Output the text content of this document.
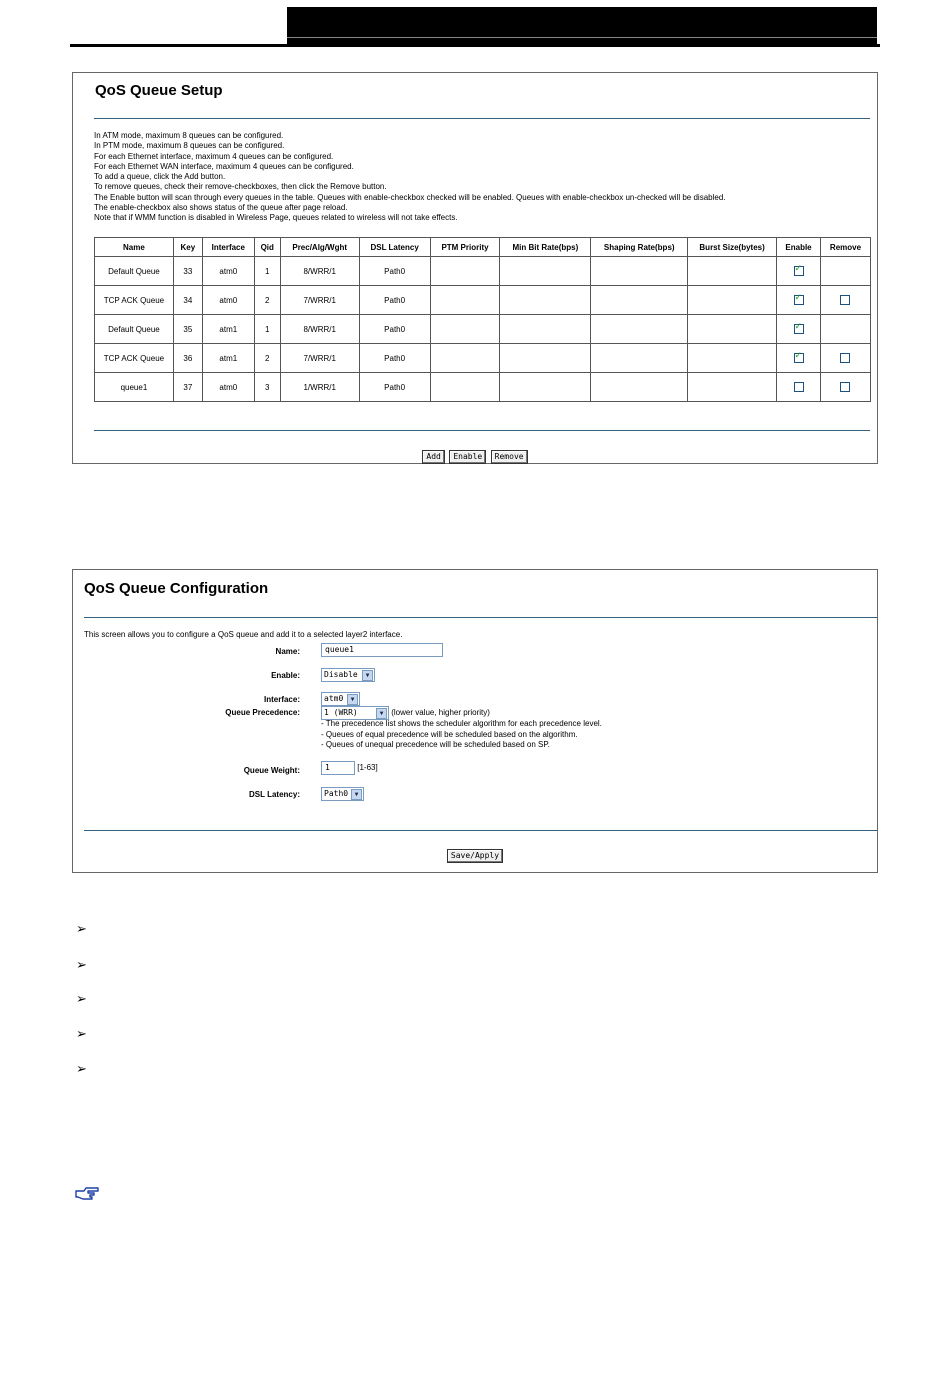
QoS Queue Setup
In ATM mode, maximum 8 queues can be configured.
In PTM mode, maximum 8 queues can be configured.
For each Ethernet interface, maximum 4 queues can be configured.
For each Ethernet WAN interface, maximum 4 queues can be configured.
To add a queue, click the Add button.
To remove queues, check their remove-checkboxes, then click the Remove button.
The Enable button will scan through every queues in the table. Queues with enable-checkbox checked will be enabled. Queues with enable-checkbox un-checked will be disabled.
The enable-checkbox also shows status of the queue after page reload.
Note that if WMM function is disabled in Wireless Page, queues related to wireless will not take effects.
Name	Key	Interface	Qid	Prec/Alg/Wght	DSL Latency	PTM Priority	Min Bit Rate(bps)	Shaping Rate(bps)	Burst Size(bytes)	Enable	Remove
Default Queue	33	atm0	1	8/WRR/1	Path0					✓	
TCP ACK Queue	34	atm0	2	7/WRR/1	Path0					✓	
Default Queue	35	atm1	1	8/WRR/1	Path0					✓	
TCP ACK Queue	36	atm1	2	7/WRR/1	Path0					✓	
queue1	37	atm0	3	1/WRR/1	Path0						
Add Enable Remove
QoS Queue Configuration
This screen allows you to configure a QoS queue and add it to a selected layer2 interface.
Name:	queue1
Enable:	Disable	▼
Interface:	atm0	▼
Queue Precedence:	1 (WRR)	▼ (lower value, higher priority)
- The precedence list shows the scheduler algorithm for each precedence level.
- Queues of equal precedence will be scheduled based on the algorithm.
- Queues of unequal precedence will be scheduled based on SP.
Queue Weight:	1	[1-63]
DSL Latency:	Path0	▼
Save/Apply
➢
➢
➢
➢
➢
